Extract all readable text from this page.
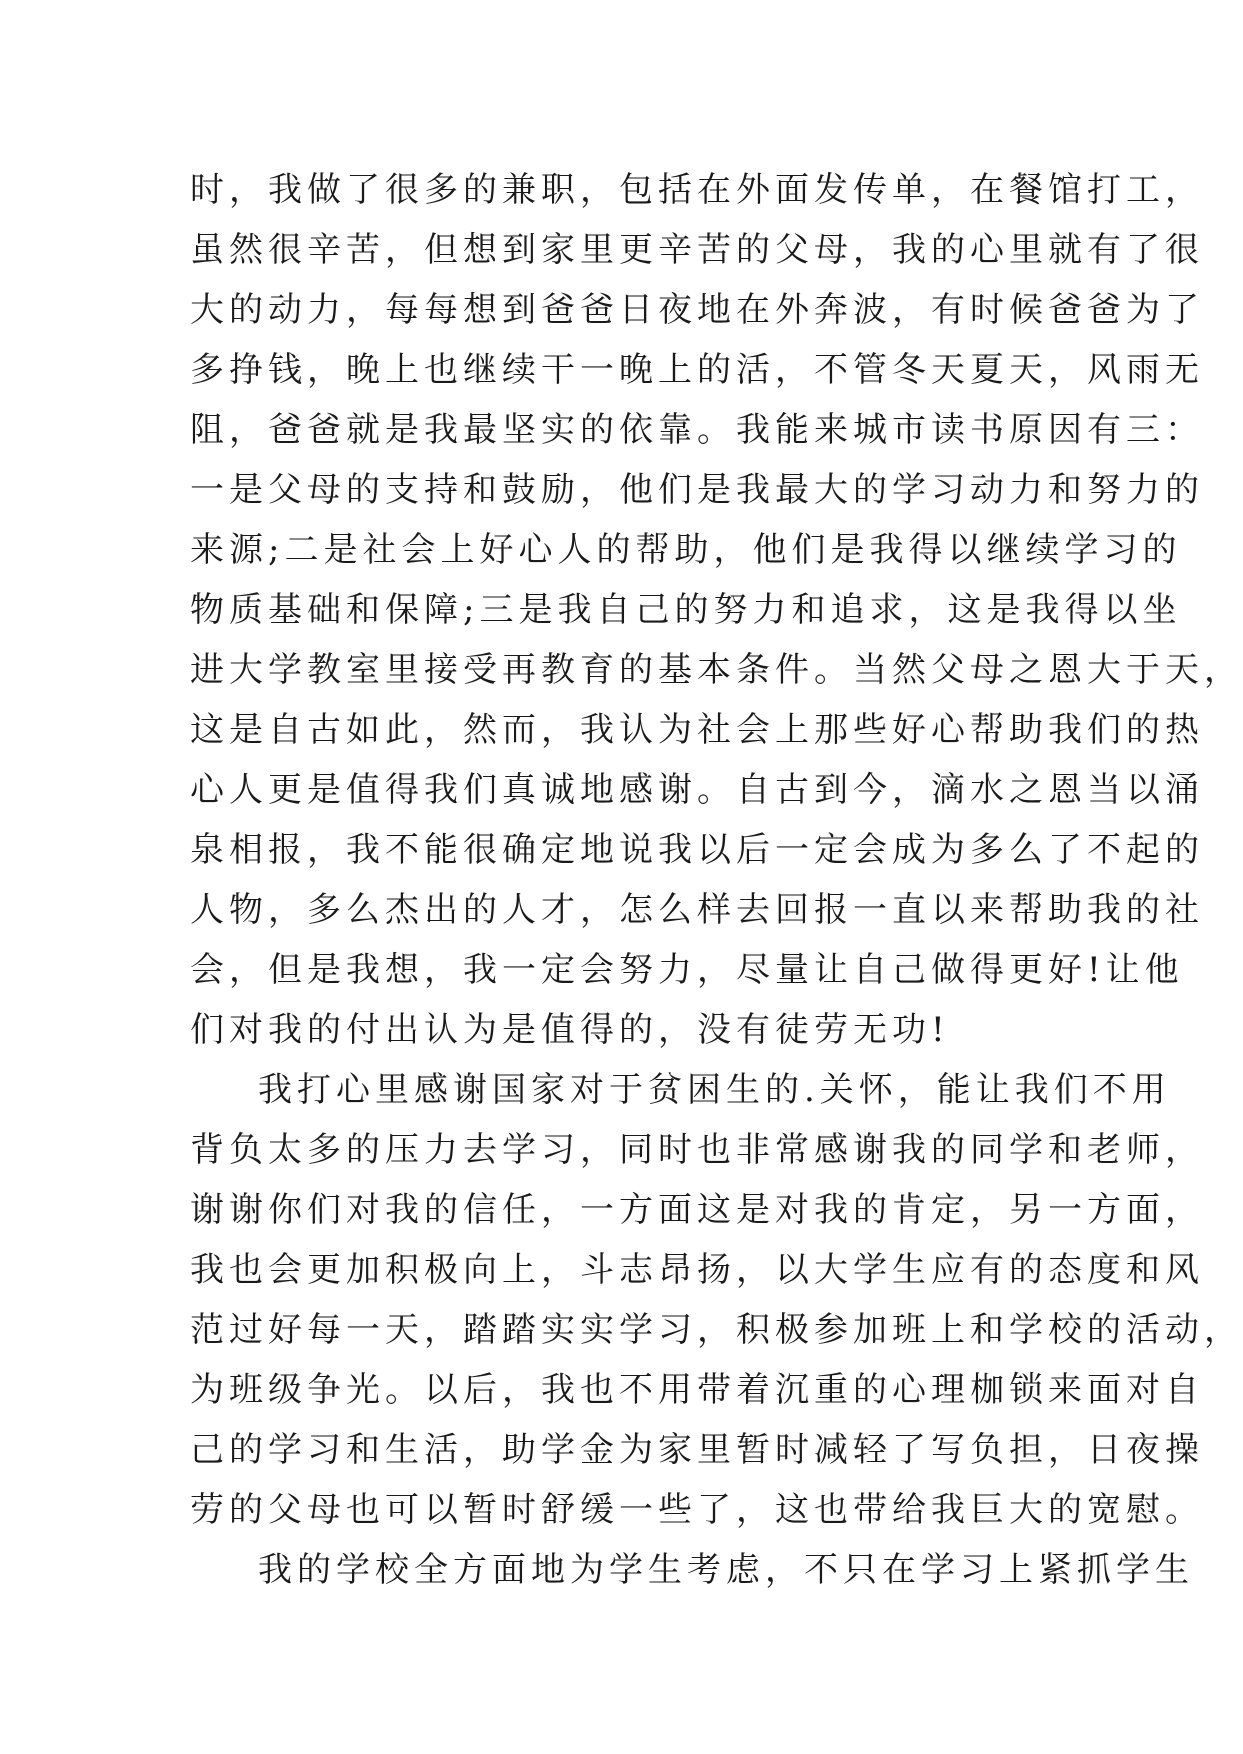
时，我做了很多的兼职，包括在外面发传单，在餐馆打工，
虽然很辛苦，但想到家里更辛苦的父母，我的心里就有了很
大的动力，每每想到爸爸日夜地在外奔波，有时候爸爸为了
多挣钱，晚上也继续干一晚上的活，不管冬天夏天，风雨无
阻，爸爸就是我最坚实的依靠。我能来城市读书原因有三：
一是父母的支持和鼓励，他们是我最大的学习动力和努力的
来源;二是社会上好心人的帮助，他们是我得以继续学习的
物质基础和保障;三是我自己的努力和追求，这是我得以坐
进大学教室里接受再教育的基本条件。当然父母之恩大于天，
这是自古如此，然而，我认为社会上那些好心帮助我们的热
心人更是值得我们真诚地感谢。自古到今，滴水之恩当以涌
泉相报，我不能很确定地说我以后一定会成为多么了不起的
人物，多么杰出的人才，怎么样去回报一直以来帮助我的社
会，但是我想，我一定会努力，尽量让自己做得更好!让他
们对我的付出认为是值得的，没有徒劳无功!
我打心里感谢国家对于贫困生的.关怀，能让我们不用
背负太多的压力去学习，同时也非常感谢我的同学和老师，
谢谢你们对我的信任，一方面这是对我的肯定，另一方面，
我也会更加积极向上，斗志昂扬，以大学生应有的态度和风
范过好每一天，踏踏实实学习，积极参加班上和学校的活动，
为班级争光。以后，我也不用带着沉重的心理枷锁来面对自
己的学习和生活，助学金为家里暂时减轻了写负担，日夜操
劳的父母也可以暂时舒缓一些了，这也带给我巨大的宽慰。
我的学校全方面地为学生考虑，不只在学习上紧抓学生
